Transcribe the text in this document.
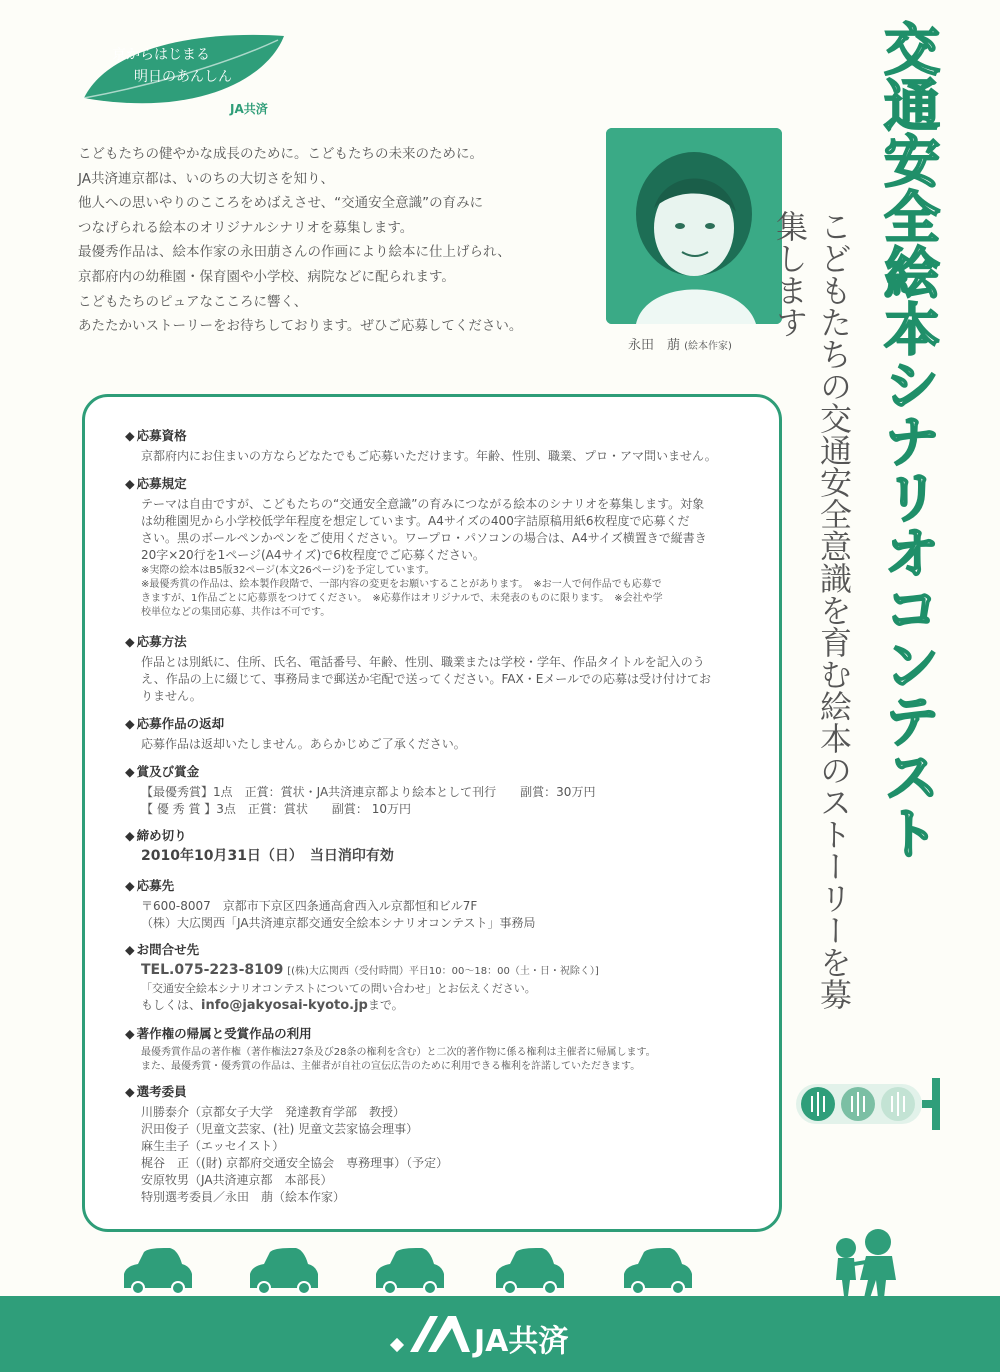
京からはじまる
明日のあんしん
JA共済
こどもたちの健やかな成長のために。こどもたちの未来のために。
JA共済連京都は、いのちの大切さを知り、
他人への思いやりのこころをめばえさせ、“交通安全意識”の育みに
つなげられる絵本のオリジナルシナリオを募集します。
最優秀作品は、絵本作家の永田萠さんの作画により絵本に仕上げられ、
京都府内の幼稚園・保育園や小学校、病院などに配られます。
こどもたちのピュアなこころに響く、
あたたかいストーリーをお待ちしております。ぜひご応募してください。
永田　萠 (絵本作家)	交通安全絵本シナリオコンテスト
こどもたちの交通安全意識を育む絵本のストーリーを募集します
◆ 応募資格
京都府内にお住まいの方ならどなたでもご応募いただけます。年齢、性別、職業、プロ・アマ問いません。
◆ 応募規定
テーマは自由ですが、こどもたちの“交通安全意識”の育みにつながる絵本のシナリオを募集します。対象
は幼稚園児から小学校低学年程度を想定しています。A4サイズの400字詰原稿用紙6枚程度で応募くだ
さい。黒のボールペンかペンをご使用ください。ワープロ・パソコンの場合は、A4サイズ横置きで縦書き
20字×20行を1ページ(A4サイズ)で6枚程度でご応募ください。
※実際の絵本はB5版32ページ(本文26ページ)を予定しています。
※最優秀賞の作品は、絵本製作段階で、一部内容の変更をお願いすることがあります。　※お一人で何作品でも応募で
きますが、1作品ごとに応募票をつけてください。　※応募作はオリジナルで、未発表のものに限ります。　※会社や学
校単位などの集団応募、共作は不可です。
◆ 応募方法
作品とは別紙に、住所、氏名、電話番号、年齢、性別、職業または学校・学年、作品タイトルを記入のう
え、作品の上に綴じて、事務局まで郵送か宅配で送ってください。FAX・Eメールでの応募は受け付けてお
りません。
◆ 応募作品の返却
応募作品は返却いたしません。あらかじめご了承ください。
◆ 賞及び賞金
【最優秀賞】1点　正賞：賞状・JA共済連京都より絵本として刊行　　副賞：30万円
【 優 秀 賞 】3点　正賞：賞状　　副賞： 10万円
◆ 締め切り
2010年10月31日（日）　当日消印有効
◆ 応募先
〒600-8007　京都市下京区四条通高倉西入ル京都恒和ビル7F
（株）大広関西「JA共済連京都交通安全絵本シナリオコンテスト」事務局
◆ お問合せ先
TEL.075-223-8109 [(株)大広関西（受付時間）平日10：00～18：00（土・日・祝除く）]
「交通安全絵本シナリオコンテストについての問い合わせ」とお伝えください。
もしくは、info@jakyosai-kyoto.jpまで。
◆ 著作権の帰属と受賞作品の利用
最優秀賞作品の著作権（著作権法27条及び28条の権利を含む）と二次的著作物に係る権利は主催者に帰属します。
また、最優秀賞・優秀賞の作品は、主催者が自社の宣伝広告のために利用できる権利を許諾していただきます。
◆ 選考委員
川勝泰介（京都女子大学　発達教育学部　教授）
沢田俊子（児童文芸家、(社) 児童文芸家協会理事）
麻生圭子（エッセイスト）
梶谷　正（(財) 京都府交通安全協会　専務理事）（予定）
安原牧男（JA共済連京都　本部長）
特別選考委員／永田　萠（絵本作家）
JA共済
